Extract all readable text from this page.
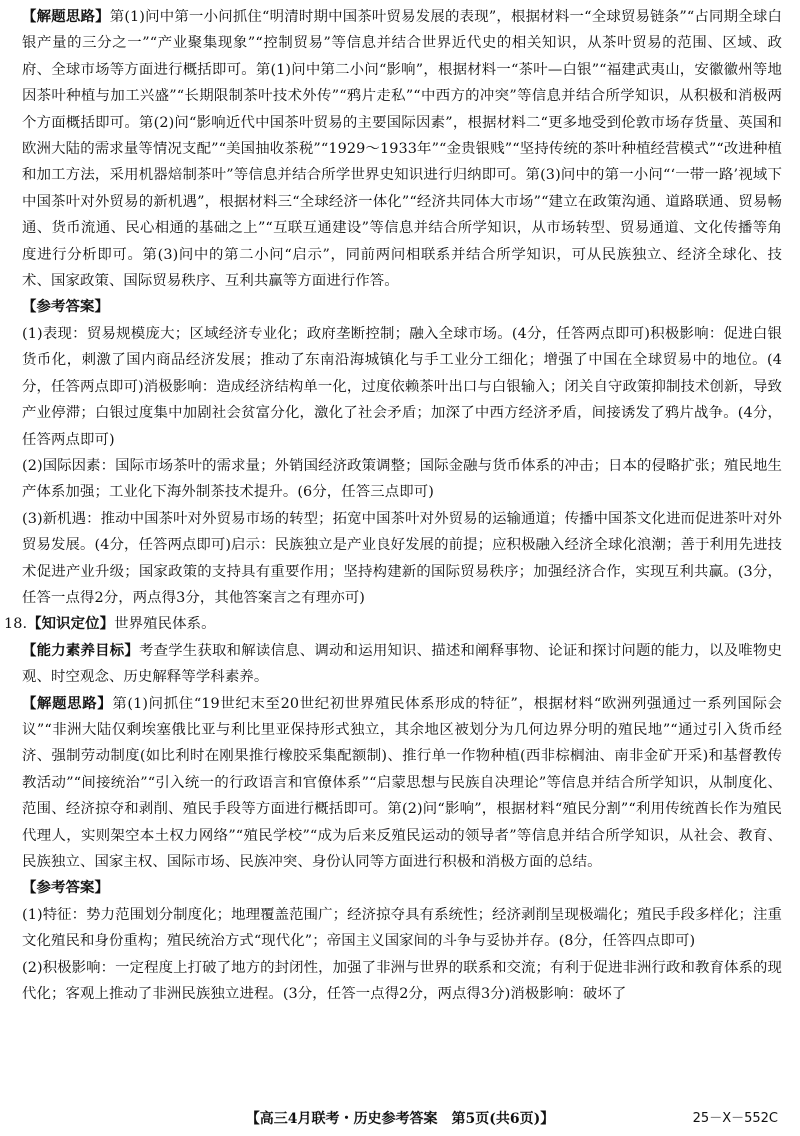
【解题思路】第(1)问中第一小问抓住“明清时期中国茶叶贸易发展的表现”，根据材料一“全球贸易链条”“占同期全球白银产量的三分之一”“产业聚集现象”“控制贸易”等信息并结合世界近代史的相关知识，从茶叶贸易的范围、区域、政府、全球市场等方面进行概括即可。第(1)问中第二小问“影响”，根据材料一“茶叶—白银”“福建武夷山，安徽徽州等地因茶叶种植与加工兴盛”“长期限制茶叶技术外传”“鸦片走私”“中西方的冲突”等信息并结合所学知识，从积极和消极两个方面概括即可。第(2)问“影响近代中国茶叶贸易的主要国际因素”，根据材料二“更多地受到伦敦市场存货量、英国和欧洲大陆的需求量等情况支配”“美国抽收茶税”“1929～1933年”“金贵银贱”“坚持传统的茶叶种植经营模式”“改进种植和加工方法，采用机器焙制茶叶”等信息并结合所学世界史知识进行归纳即可。第(3)问中的第一小问“‘一带一路’视域下中国茶叶对外贸易的新机遇”，根据材料三“全球经济一体化”“经济共同体大市场”“建立在政策沟通、道路联通、贸易畅通、货币流通、民心相通的基础之上”“互联互通建设”等信息并结合所学知识，从市场转型、贸易通道、文化传播等角度进行分析即可。第(3)问中的第二小问“启示”，同前两问相联系并结合所学知识，可从民族独立、经济全球化、技术、国家政策、国际贸易秩序、互利共赢等方面进行作答。

【参考答案】

(1)表现：贸易规模庞大；区域经济专业化；政府垄断控制；融入全球市场。(4分，任答两点即可)积极影响：促进白银货币化，刺激了国内商品经济发展；推动了东南沿海城镇化与手工业分工细化；增强了中国在全球贸易中的地位。(4分，任答两点即可)消极影响：造成经济结构单一化，过度依赖茶叶出口与白银输入；闭关自守政策抑制技术创新，导致产业停滞；白银过度集中加剧社会贫富分化，激化了社会矛盾；加深了中西方经济矛盾，间接诱发了鸦片战争。(4分，任答两点即可)

(2)国际因素：国际市场茶叶的需求量；外销国经济政策调整；国际金融与货币体系的冲击；日本的侵略扩张；殖民地生产体系加强；工业化下海外制茶技术提升。(6分，任答三点即可)

(3)新机遇：推动中国茶叶对外贸易市场的转型；拓宽中国茶叶对外贸易的运输通道；传播中国茶文化进而促进茶叶对外贸易发展。(4分，任答两点即可)启示：民族独立是产业良好发展的前提；应积极融入经济全球化浪潮；善于利用先进技术促进产业升级；国家政策的支持具有重要作用；坚持构建新的国际贸易秩序；加强经济合作，实现互利共赢。(3分，任答一点得2分，两点得3分，其他答案言之有理亦可)

18.【知识定位】世界殖民体系。

【能力素养目标】考查学生获取和解读信息、调动和运用知识、描述和阐释事物、论证和探讨问题的能力，以及唯物史观、时空观念、历史解释等学科素养。

【解题思路】第(1)问抓住“19世纪末至20世纪初世界殖民体系形成的特征”，根据材料“欧洲列强通过一系列国际会议”“非洲大陆仅剩埃塞俄比亚与利比里亚保持形式独立，其余地区被划分为几何边界分明的殖民地”“通过引入货币经济、强制劳动制度(如比利时在刚果推行橡胶采集配额制)、推行单一作物种植(西非棕榈油、南非金矿开采)和基督教传教活动”“间接统治”“引入统一的行政语言和官僚体系”“启蒙思想与民族自决理论”等信息并结合所学知识，从制度化、范围、经济掠夺和剥削、殖民手段等方面进行概括即可。第(2)问“影响”，根据材料“殖民分割”“利用传统酋长作为殖民代理人，实则架空本土权力网络”“殖民学校”“成为后来反殖民运动的领导者”等信息并结合所学知识，从社会、教育、民族独立、国家主权、国际市场、民族冲突、身份认同等方面进行积极和消极方面的总结。

【参考答案】

(1)特征：势力范围划分制度化；地理覆盖范围广；经济掠夺具有系统性；经济剥削呈现极端化；殖民手段多样化；注重文化殖民和身份重构；殖民统治方式“现代化”；帝国主义国家间的斗争与妥协并存。(8分，任答四点即可)

(2)积极影响：一定程度上打破了地方的封闭性，加强了非洲与世界的联系和交流；有利于促进非洲行政和教育体系的现代化；客观上推动了非洲民族独立进程。(3分，任答一点得2分，两点得3分)消极影响：破坏了

【高三4月联考・历史参考答案　第5页(共6页)】	25－X－552C
